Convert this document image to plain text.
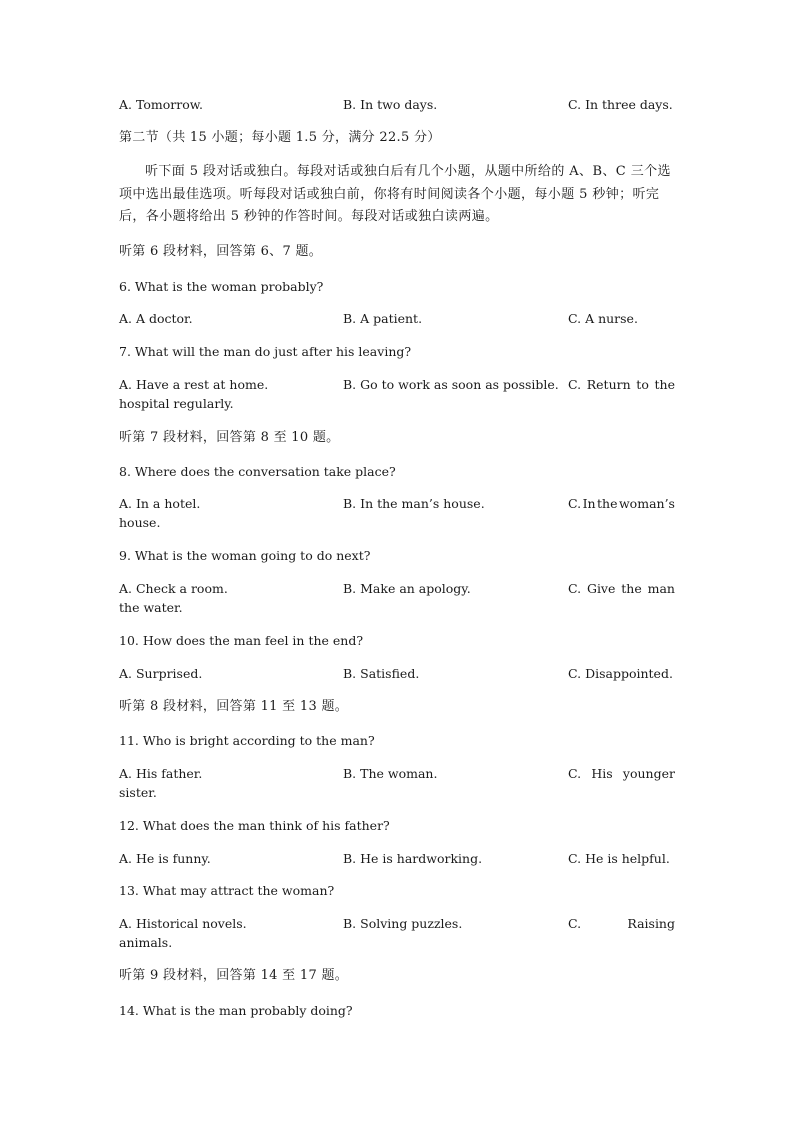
A. Tomorrow.	B. In two days.	C. In three days.
第二节（共 15 小题；每小题 1.5 分，满分 22.5 分）
听下面 5 段对话或独白。每段对话或独白后有几个小题，从题中所给的 A、B、C 三个选项中选出最佳选项。听每段对话或独白前，你将有时间阅读各个小题，每小题 5 秒钟；听完后，各小题将给出 5 秒钟的作答时间。每段对话或独白读两遍。
听第 6 段材料，回答第 6、7 题。
6. What is the woman probably?
A. A doctor.	B. A patient.	C. A nurse.
7. What will the man do just after his leaving?
A. Have a rest at home.	B. Go to work as soon as possible. C. Return to the
hospital regularly.
听第 7 段材料，回答第 8 至 10 题。
8. Where does the conversation take place?
A. In a hotel.	B. In the man’s house.	C. In the woman’s
house.
9. What is the woman going to do next?
A. Check a room.	B. Make an apology.	C. Give the man
the water.
10. How does the man feel in the end?
A. Surprised.	B. Satisfied.	C. Disappointed.
听第 8 段材料，回答第 11 至 13 题。
11. Who is bright according to the man?
A. His father.	B. The woman.	C. His younger
sister.
12. What does the man think of his father?
A. He is funny.	B. He is hardworking.	C. He is helpful.
13. What may attract the woman?
A. Historical novels.	B. Solving puzzles.	C.	Raising
animals.
听第 9 段材料，回答第 14 至 17 题。
14. What is the man probably doing?
